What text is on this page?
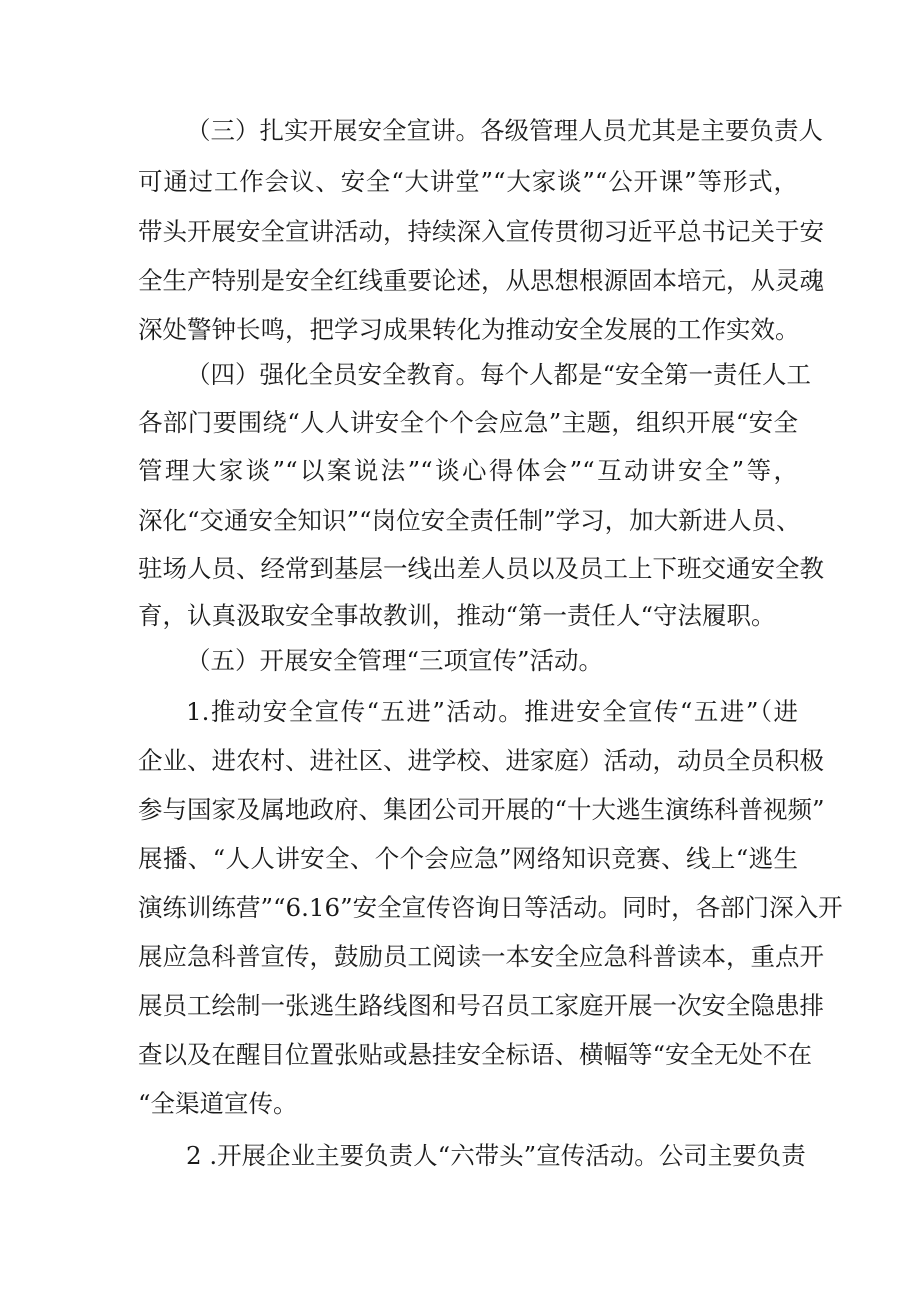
（三）扎实开展安全宣讲。各级管理人员尤其是主要负责人
可通过工作会议、安全“大讲堂”“大家谈”“公开课”等形式，
带头开展安全宣讲活动，持续深入宣传贯彻习近平总书记关于安
全生产特别是安全红线重要论述，从思想根源固本培元，从灵魂
深处警钟长鸣，把学习成果转化为推动安全发展的工作实效。
（四）强化全员安全教育。每个人都是“安全第一责任人工
各部门要围绕“人人讲安全个个会应急”主题，组织开展“安全
管理大家谈”“以案说法”“谈心得体会”“互动讲安全”等，
深化“交通安全知识”“岗位安全责任制”学习，加大新进人员、
驻场人员、经常到基层一线出差人员以及员工上下班交通安全教
育，认真汲取安全事故教训，推动“第一责任人“守法履职。
（五）开展安全管理“三项宣传”活动。
1.推动安全宣传“五进”活动。推进安全宣传“五进”（进
企业、进农村、进社区、进学校、进家庭）活动，动员全员积极
参与国家及属地政府、集团公司开展的“十大逃生演练科普视频”
展播、“人人讲安全、个个会应急”网络知识竞赛、线上“逃生
演练训练营”“6.16”安全宣传咨询日等活动。同时，各部门深入开
展应急科普宣传，鼓励员工阅读一本安全应急科普读本，重点开
展员工绘制一张逃生路线图和号召员工家庭开展一次安全隐患排
查以及在醒目位置张贴或悬挂安全标语、横幅等“安全无处不在
“全渠道宣传。
2 .开展企业主要负责人“六带头”宣传活动。公司主要负责
